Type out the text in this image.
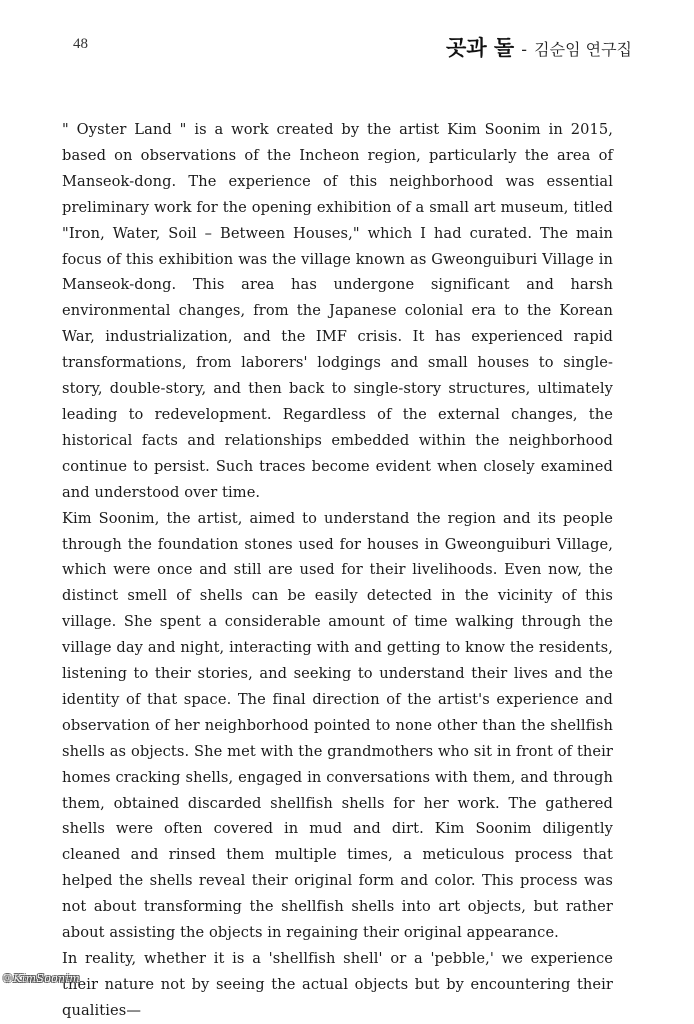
48	곳과 돌 - 김순임 연구집

" Oyster Land " is a work created by the artist Kim Soonim in 2015, based on observations of the Incheon region, particularly the area of Manseok-dong. The experience of this neighborhood was essential preliminary work for the opening exhibition of a small art museum, titled "Iron, Water, Soil – Between Houses," which I had curated. The main focus of this exhibition was the village known as Gweonguiburi Village in Manseok-dong. This area has undergone significant and harsh environmental changes, from the Japanese colonial era to the Korean War, industrialization, and the IMF crisis. It has experienced rapid transformations, from laborers' lodgings and small houses to single-story, double-story, and then back to single-story structures, ultimately leading to redevelopment. Regardless of the external changes, the historical facts and relationships embedded within the neighborhood continue to persist. Such traces become evident when closely examined and understood over time.

Kim Soonim, the artist, aimed to understand the region and its people through the foundation stones used for houses in Gweonguiburi Village, which were once and still are used for their livelihoods. Even now, the distinct smell of shells can be easily detected in the vicinity of this village. She spent a considerable amount of time walking through the village day and night, interacting with and getting to know the residents, listening to their stories, and seeking to understand their lives and the identity of that space. The final direction of the artist's experience and observation of her neighborhood pointed to none other than the shellfish shells as objects. She met with the grandmothers who sit in front of their homes cracking shells, engaged in conversations with them, and through them, obtained discarded shellfish shells for her work. The gathered shells were often covered in mud and dirt. Kim Soonim diligently cleaned and rinsed them multiple times, a meticulous process that helped the shells reveal their original form and color. This process was not about transforming the shellfish shells into art objects, but rather about assisting the objects in regaining their original appearance.

In reality, whether it is a 'shellfish shell' or a 'pebble,' we experience their nature not by seeing the actual objects but by encountering their qualities—

©KimSoonim
